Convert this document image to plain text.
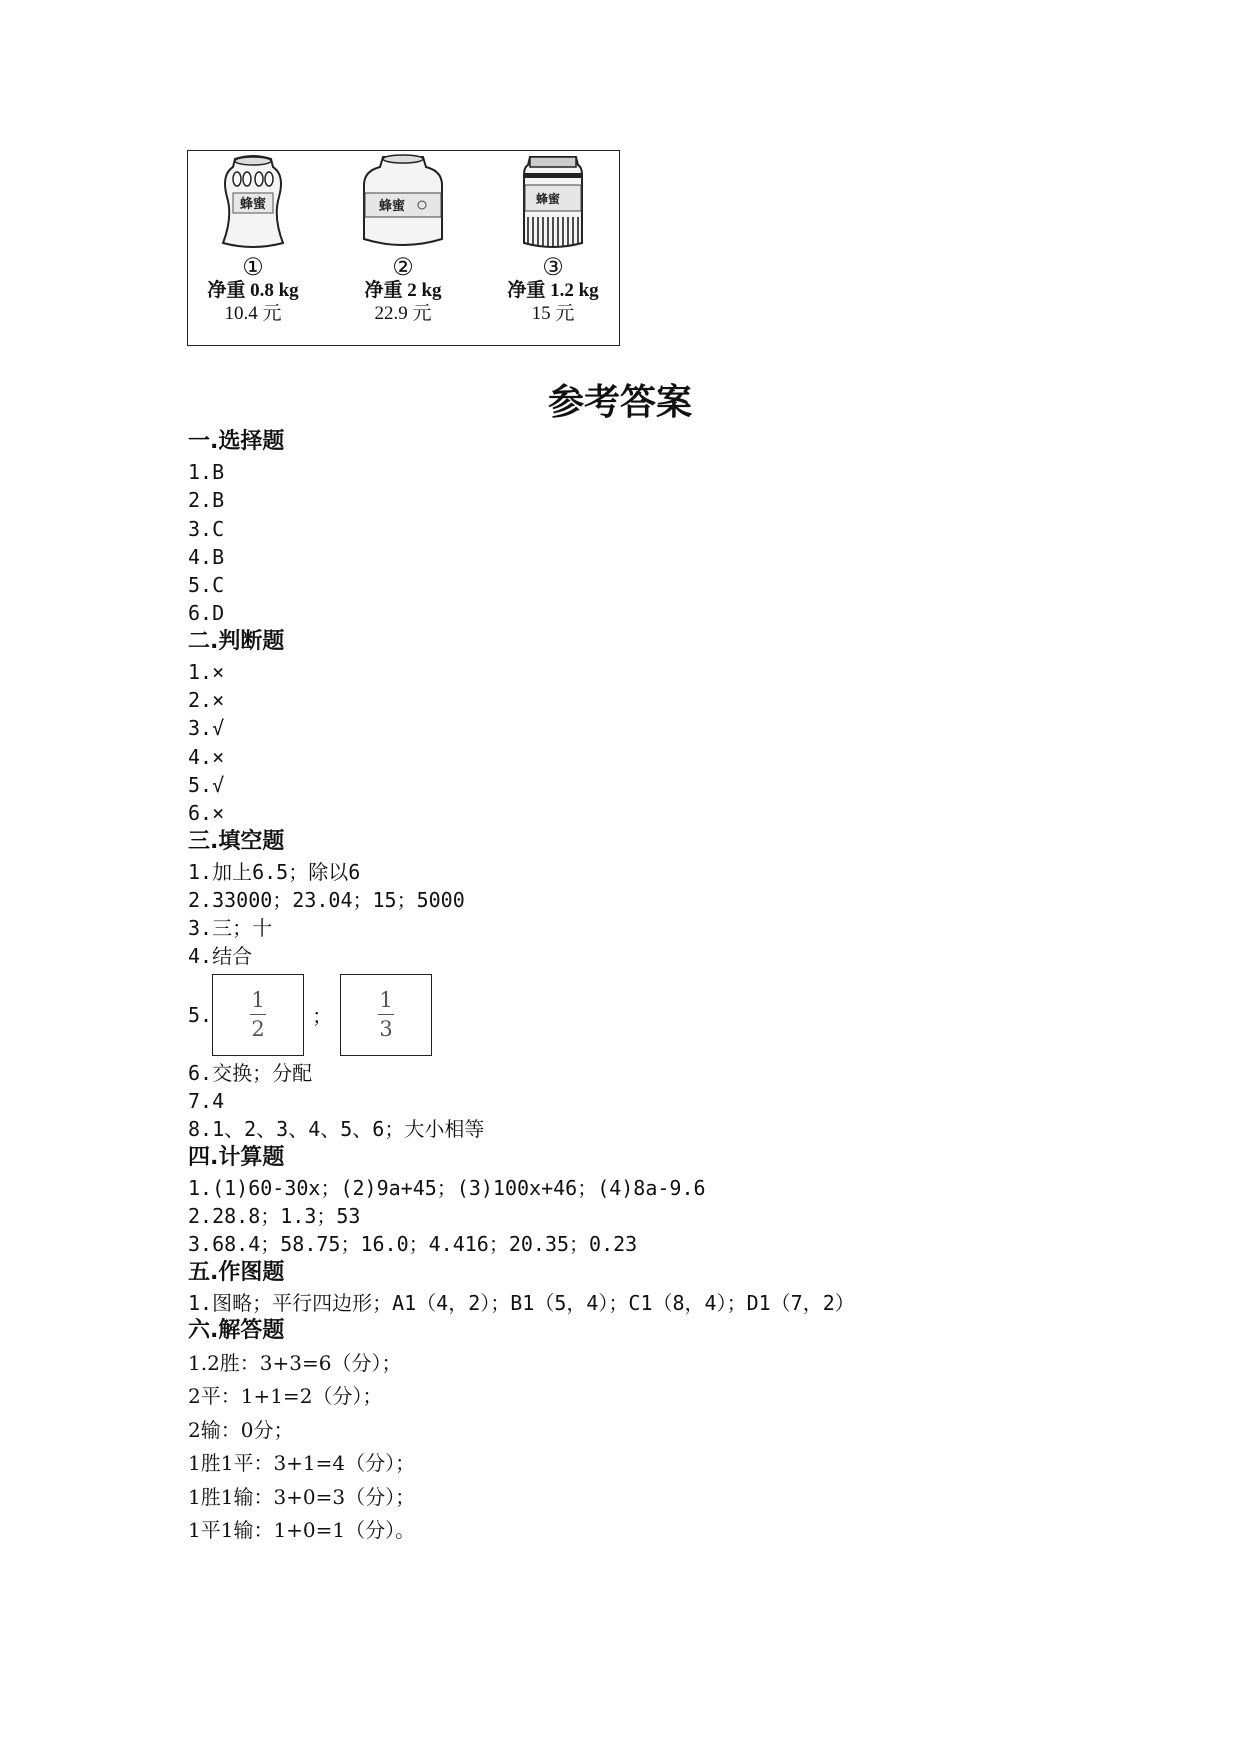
蜂蜜
①
净重 0.8 kg
10.4 元
蜂蜜
②
净重 2 kg
22.9 元
蜂蜜
③
净重 1.2 kg
15 元
参考答案
一.选择题
1.B
2.B
3.C
4.B
5.C
6.D
二.判断题
1.×
2.×
3.√
4.×
5.√
6.×
三.填空题
1.加上6.5；除以6
2.33000；23.04；15；5000
3.三；十
4.结合
5.
1
2
；
1
3
6.交换；分配
7.4
8.1、2、3、4、5、6；大小相等
四.计算题
1.(1)60-30x；(2)9a+45；(3)100x+46；(4)8a-9.6
2.28.8；1.3；53
3.68.4；58.75；16.0；4.416；20.35；0.23
五.作图题
1.图略；平行四边形；A1（4，2）；B1（5，4）；C1（8，4）；D1（7，2）
六.解答题
1.2胜：3+3=6（分）；
2平：1+1=2（分）；
2输：0分；
1胜1平：3+1=4（分）；
1胜1输：3+0=3（分）；
1平1输：1+0=1（分）。
